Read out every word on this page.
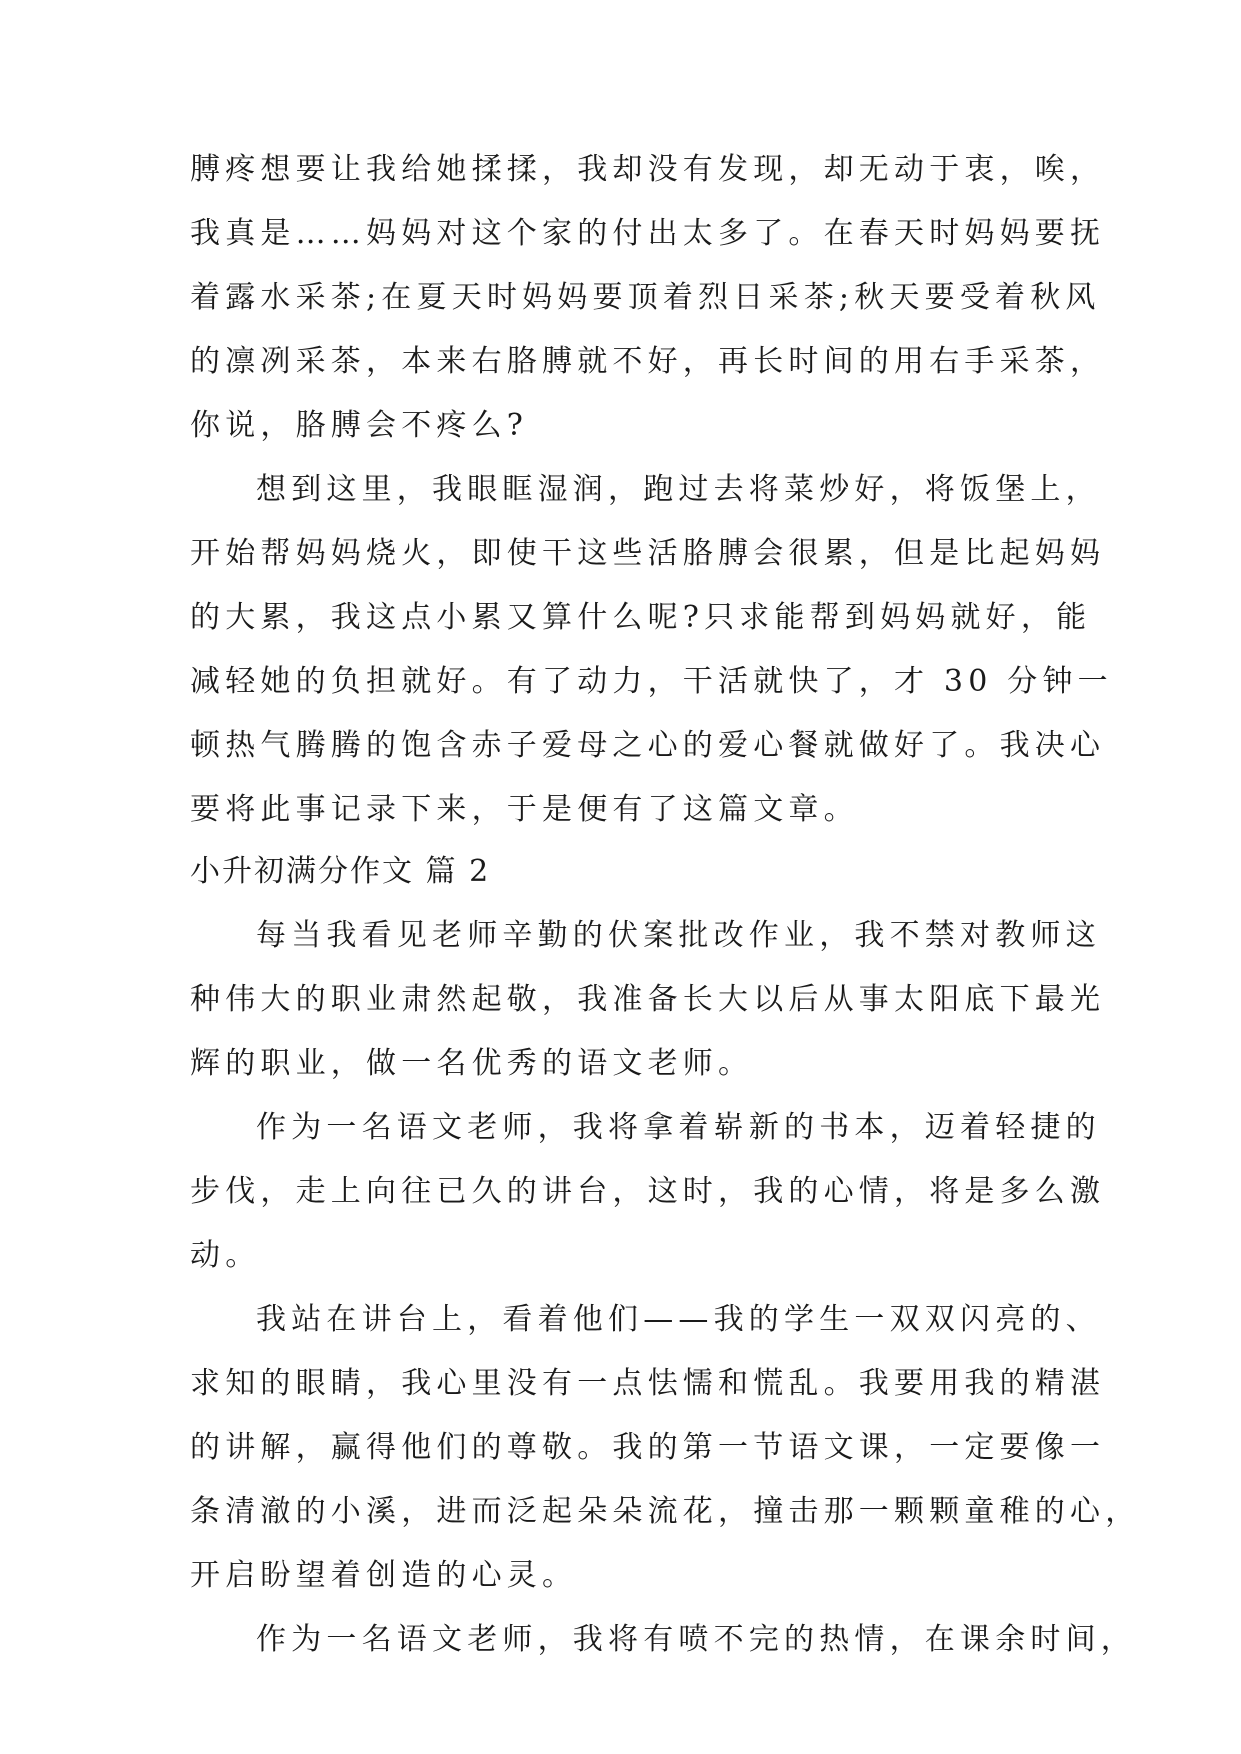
膊疼想要让我给她揉揉，我却没有发现，却无动于衷，唉，
我真是……妈妈对这个家的付出太多了。在春天时妈妈要抚
着露水采茶;在夏天时妈妈要顶着烈日采茶;秋天要受着秋风
的凛冽采茶，本来右胳膊就不好，再长时间的用右手采茶，
你说，胳膊会不疼么?
想到这里，我眼眶湿润，跑过去将菜炒好，将饭堡上，
开始帮妈妈烧火，即使干这些活胳膊会很累，但是比起妈妈
的大累，我这点小累又算什么呢?只求能帮到妈妈就好，能
减轻她的负担就好。有了动力，干活就快了，才 30 分钟一
顿热气腾腾的饱含赤子爱母之心的爱心餐就做好了。我决心
要将此事记录下来，于是便有了这篇文章。
小升初满分作文 篇 2
每当我看见老师辛勤的伏案批改作业，我不禁对教师这
种伟大的职业肃然起敬，我准备长大以后从事太阳底下最光
辉的职业，做一名优秀的语文老师。
作为一名语文老师，我将拿着崭新的书本，迈着轻捷的
步伐，走上向往已久的讲台，这时，我的心情，将是多么激
动。
我站在讲台上，看着他们——我的学生一双双闪亮的、
求知的眼睛，我心里没有一点怯懦和慌乱。我要用我的精湛
的讲解，赢得他们的尊敬。我的第一节语文课，一定要像一
条清澈的小溪，进而泛起朵朵流花，撞击那一颗颗童稚的心，
开启盼望着创造的心灵。
作为一名语文老师，我将有喷不完的热情，在课余时间，
